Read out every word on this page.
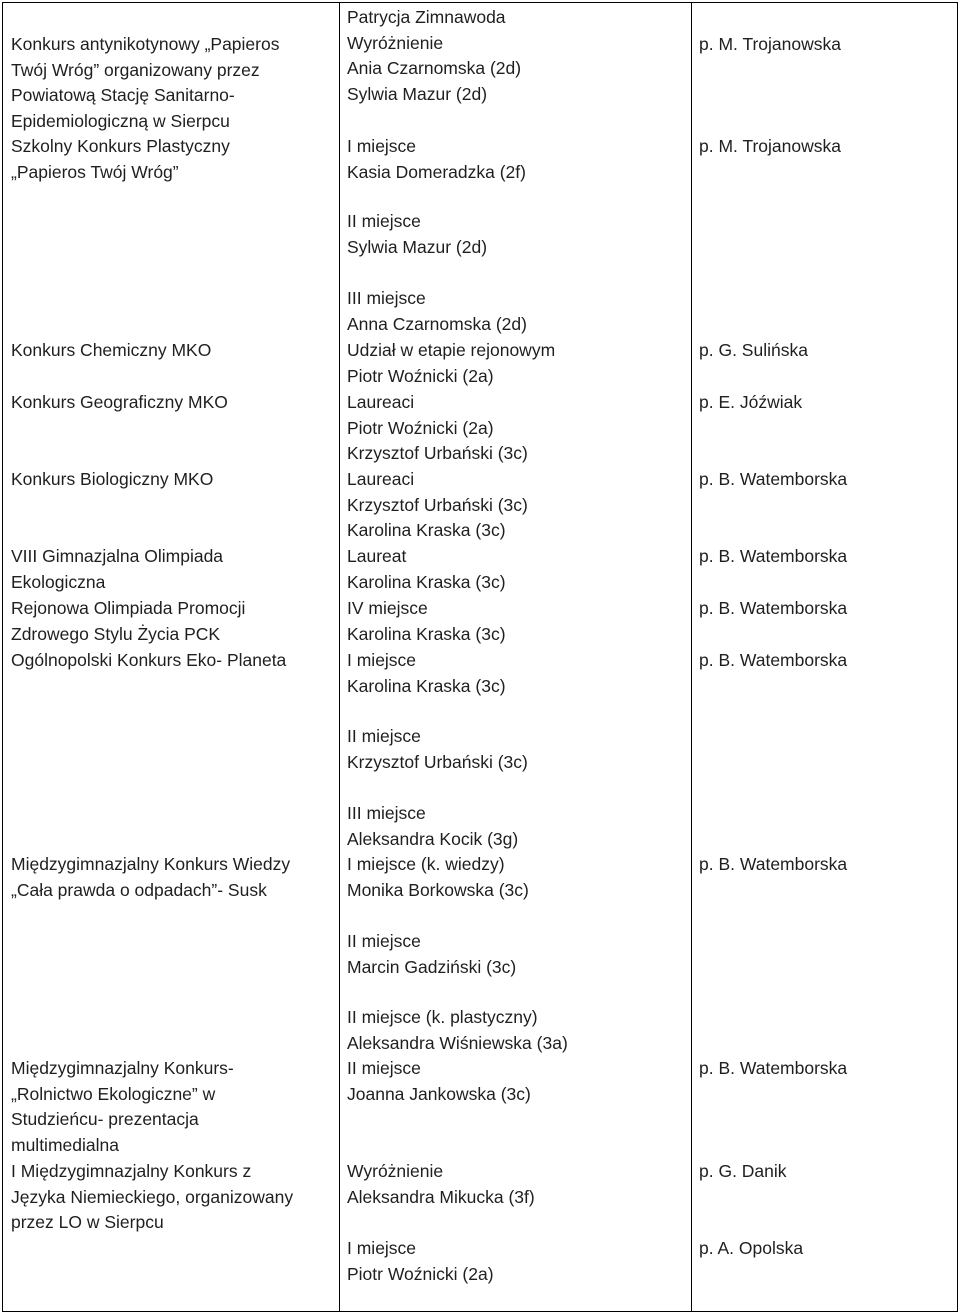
Konkurs antynikotynowy „Papieros
Twój Wróg” organizowany przez
Powiatową Stację Sanitarno-
Epidemiologiczną w Sierpcu
Szkolny Konkurs Plastyczny
„Papieros Twój Wróg”
Konkurs Chemiczny MKO
Konkurs Geograficzny MKO
Konkurs Biologiczny MKO
VIII Gimnazjalna Olimpiada
Ekologiczna
Rejonowa Olimpiada Promocji
Zdrowego Stylu Życia PCK
Ogólnopolski Konkurs Eko- Planeta
Międzygimnazjalny Konkurs Wiedzy
„Cała prawda o odpadach”- Susk
Międzygimnazjalny Konkurs-
„Rolnictwo Ekologiczne” w
Studzieńcu- prezentacja
multimedialna
I Międzygimnazjalny Konkurs z
Języka Niemieckiego, organizowany
przez LO w Sierpcu
Patrycja Zimnawoda
Wyróżnienie
Ania Czarnomska (2d)
Sylwia Mazur (2d)
I miejsce
Kasia Domeradzka (2f)
II miejsce
Sylwia Mazur (2d)
III miejsce
Anna Czarnomska (2d)
Udział w etapie rejonowym
Piotr Woźnicki (2a)
Laureaci
Piotr Woźnicki (2a)
Krzysztof Urbański (3c)
Laureaci
Krzysztof Urbański (3c)
Karolina Kraska (3c)
Laureat
Karolina Kraska (3c)
IV miejsce
Karolina Kraska (3c)
I miejsce
Karolina Kraska (3c)
II miejsce
Krzysztof Urbański (3c)
III miejsce
Aleksandra Kocik (3g)
I miejsce (k. wiedzy)
Monika Borkowska (3c)
II miejsce
Marcin Gadziński (3c)
II miejsce (k. plastyczny)
Aleksandra Wiśniewska (3a)
II miejsce
Joanna Jankowska (3c)
Wyróżnienie
Aleksandra Mikucka (3f)
I miejsce
Piotr Woźnicki (2a)
p. M. Trojanowska
p. M. Trojanowska
p. G. Sulińska
p. E. Jóźwiak
p. B. Watemborska
p. B. Watemborska
p. B. Watemborska
p. B. Watemborska
p. B. Watemborska
p. B. Watemborska
p. G. Danik
p. A. Opolska
